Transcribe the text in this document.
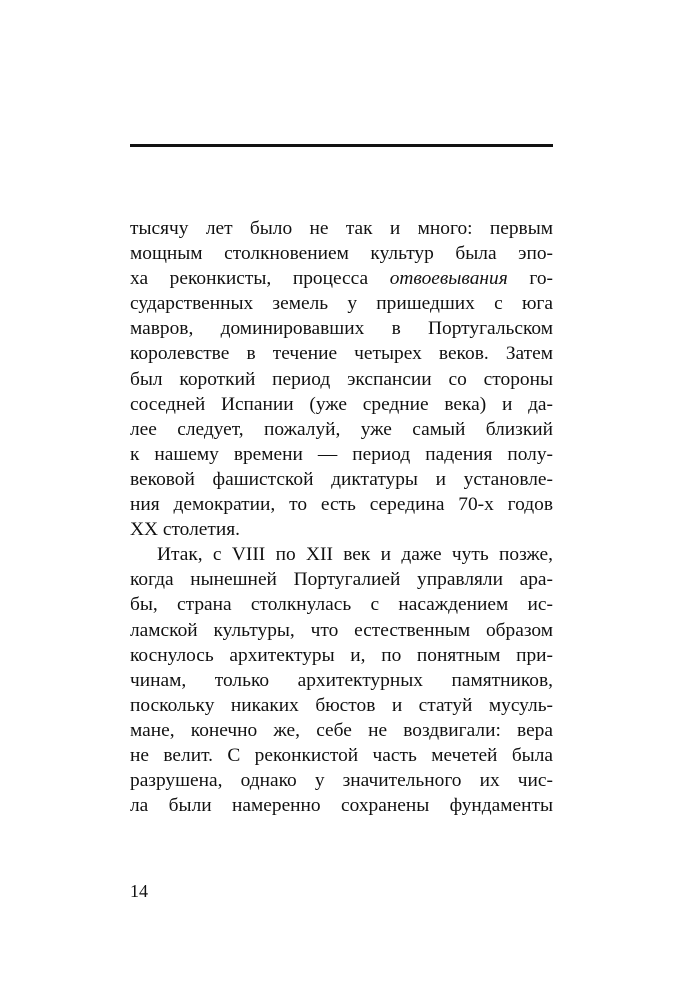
тысячу лет было не так и много: первым
мощным столкновением культур была эпо-
ха реконкисты, процесса отвоевывания го-
сударственных земель у пришедших с юга
мавров, доминировавших в Португальском
королевстве в течение четырех веков. Затем
был короткий период экспансии со стороны
соседней Испании (уже средние века) и да-
лее следует, пожалуй, уже самый близкий
к нашему времени — период падения полу-
вековой фашистской диктатуры и установле-
ния демократии, то есть середина 70-х годов
XX столетия.
Итак, с VIII по XII век и даже чуть позже,
когда нынешней Португалией управляли ара-
бы, страна столкнулась с насаждением ис-
ламской культуры, что естественным образом
коснулось архитектуры и, по понятным при-
чинам, только архитектурных памятников,
поскольку никаких бюстов и статуй мусуль-
мане, конечно же, себе не воздвигали: вера
не велит. С реконкистой часть мечетей была
разрушена, однако у значительного их чис-
ла были намеренно сохранены фундаменты
14
